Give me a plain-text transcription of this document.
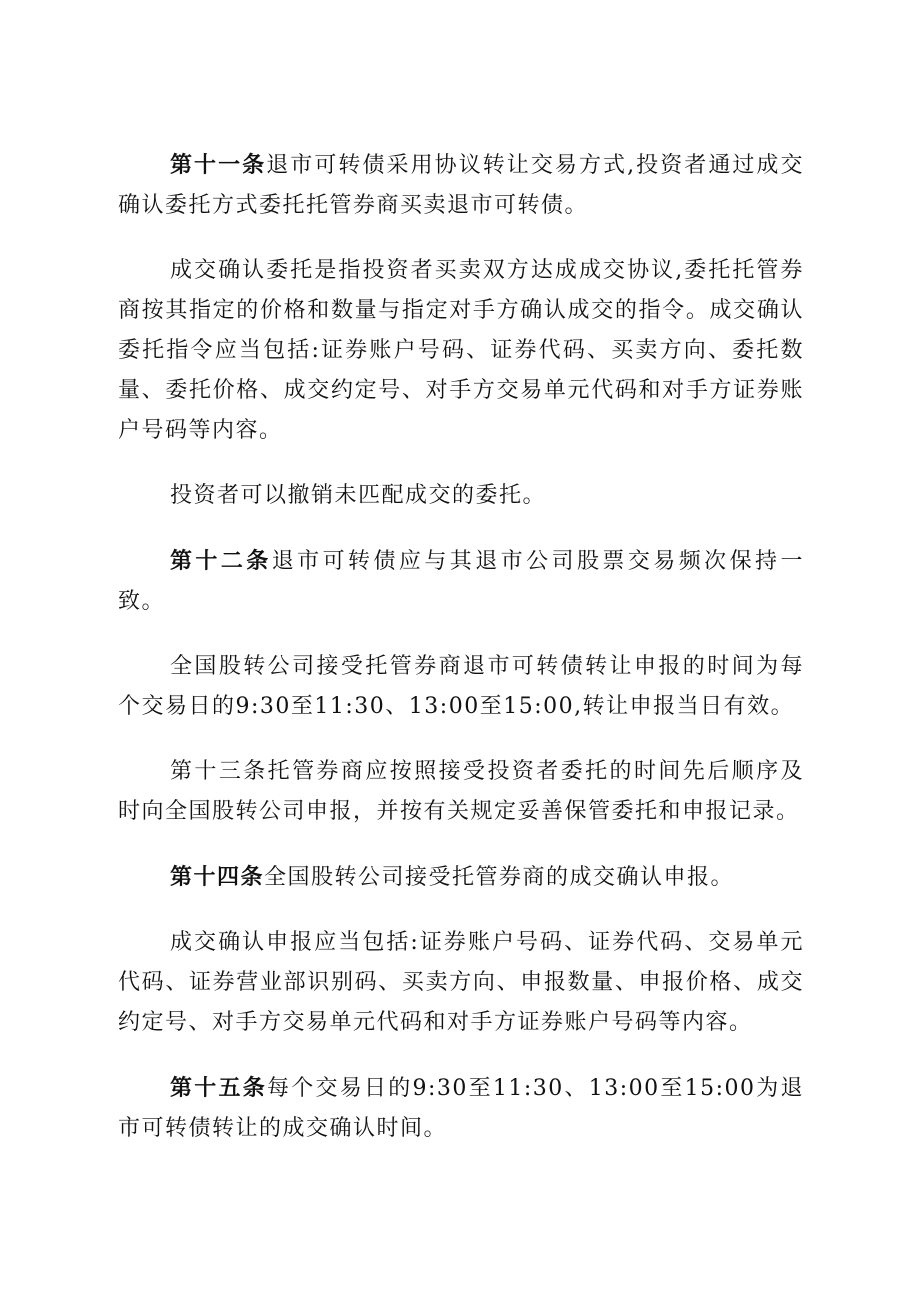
第十一条退市可转债采用协议转让交易方式,投资者通过成交确认委托方式委托托管券商买卖退市可转债。

成交确认委托是指投资者买卖双方达成成交协议,委托托管券商按其指定的价格和数量与指定对手方确认成交的指令。成交确认委托指令应当包括:证券账户号码、证券代码、买卖方向、委托数量、委托价格、成交约定号、对手方交易单元代码和对手方证券账户号码等内容。

投资者可以撤销未匹配成交的委托。

第十二条退市可转债应与其退市公司股票交易频次保持一致。

全国股转公司接受托管券商退市可转债转让申报的时间为每个交易日的9:30至11:30、13:00至15:00,转让申报当日有效。

第十三条托管券商应按照接受投资者委托的时间先后顺序及时向全国股转公司申报，并按有关规定妥善保管委托和申报记录。

第十四条全国股转公司接受托管券商的成交确认申报。

成交确认申报应当包括:证券账户号码、证券代码、交易单元代码、证券营业部识别码、买卖方向、申报数量、申报价格、成交约定号、对手方交易单元代码和对手方证券账户号码等内容。

第十五条每个交易日的9:30至11:30、13:00至15:00为退市可转债转让的成交确认时间。
